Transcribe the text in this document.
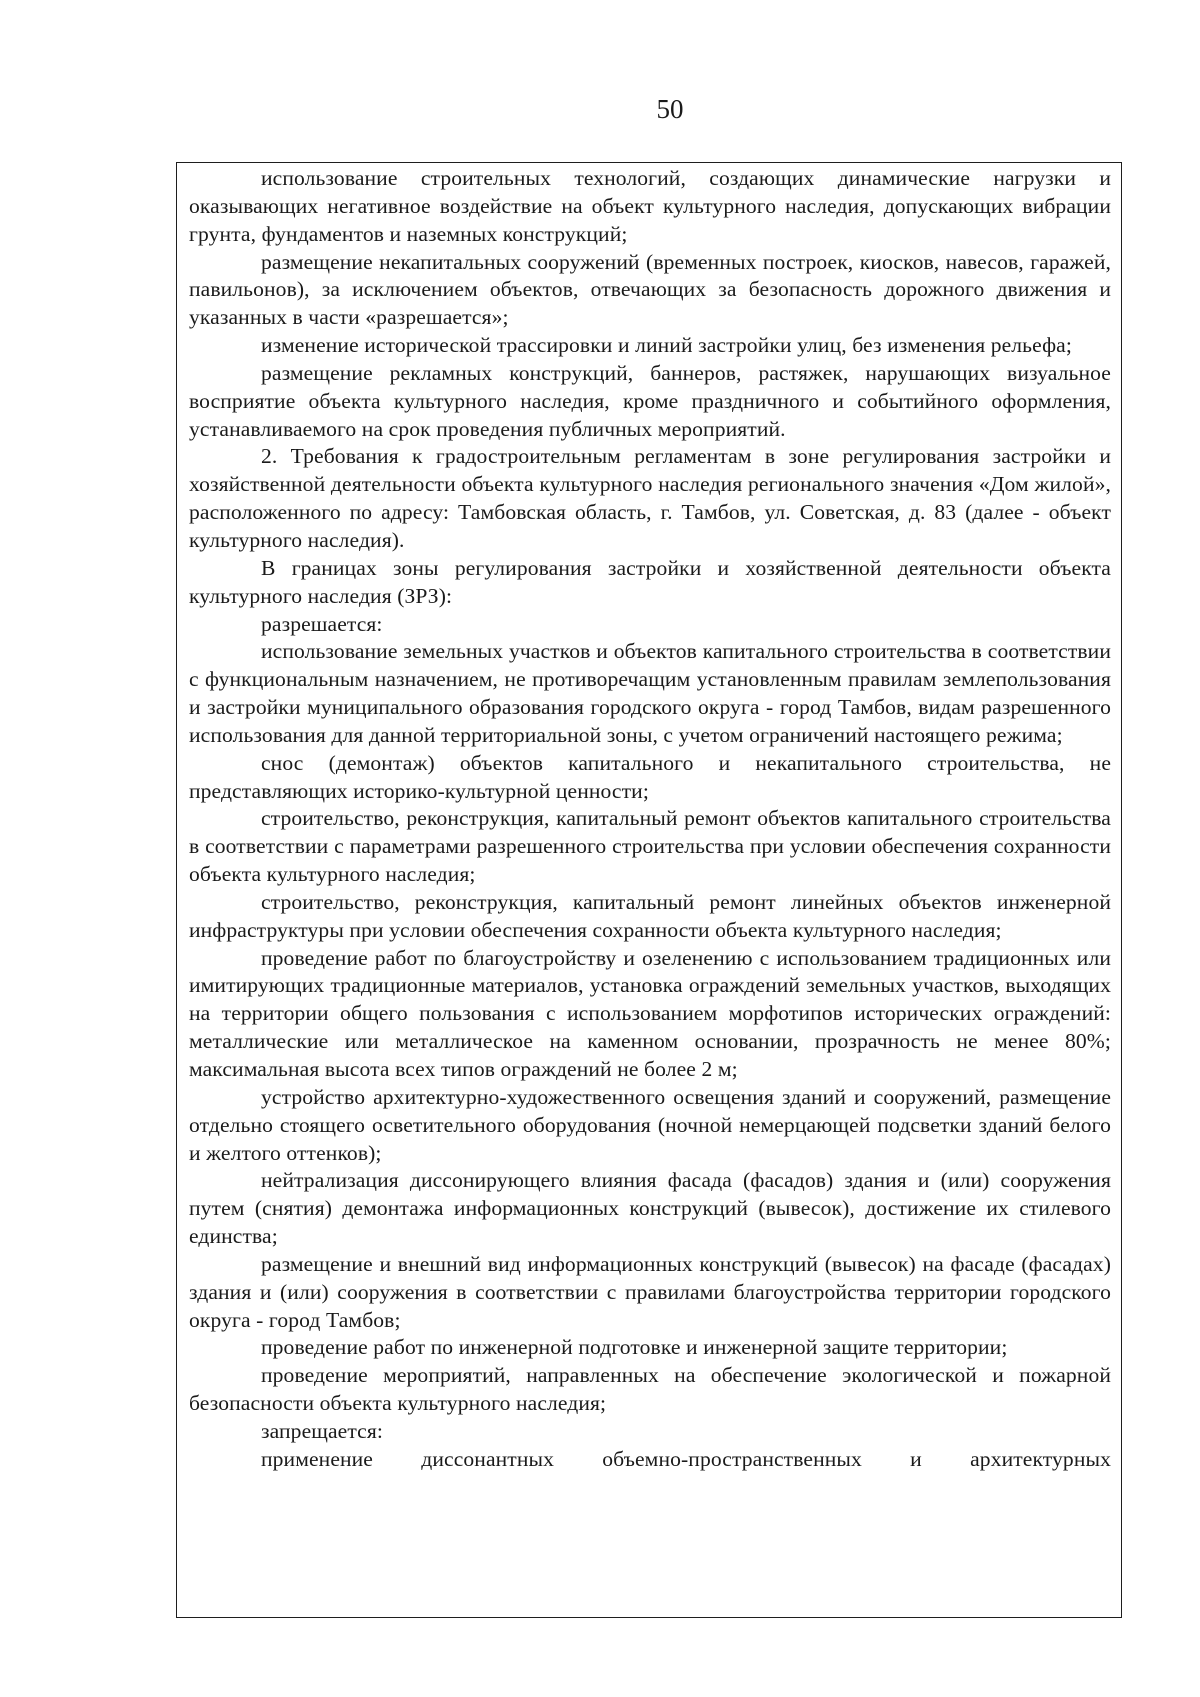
50

использование строительных технологий, создающих динамические нагрузки и оказывающих негативное воздействие на объект культурного наследия, допускающих вибрации грунта, фундаментов и наземных конструкций;

размещение некапитальных сооружений (временных построек, киосков, навесов, гаражей, павильонов), за исключением объектов, отвечающих за безопасность дорожного движения и указанных в части «разрешается»;

изменение исторической трассировки и линий застройки улиц, без изменения рельефа;

размещение рекламных конструкций, баннеров, растяжек, нарушающих визуальное восприятие объекта культурного наследия, кроме праздничного и событийного оформления, устанавливаемого на срок проведения публичных мероприятий.

2. Требования к градостроительным регламентам в зоне регулирования застройки и хозяйственной деятельности объекта культурного наследия регионального значения «Дом жилой», расположенного по адресу: Тамбовская область, г. Тамбов, ул. Советская, д. 83 (далее - объект культурного наследия).

В границах зоны регулирования застройки и хозяйственной деятельности объекта культурного наследия (ЗРЗ):

разрешается:

использование земельных участков и объектов капитального строительства в соответствии с функциональным назначением, не противоречащим установленным правилам землепользования и застройки муниципального образования городского округа - город Тамбов, видам разрешенного использования для данной территориальной зоны, с учетом ограничений настоящего режима;

снос (демонтаж) объектов капитального и некапитального строительства, не представляющих историко-культурной ценности;

строительство, реконструкция, капитальный ремонт объектов капитального строительства в соответствии с параметрами разрешенного строительства при условии обеспечения сохранности объекта культурного наследия;

строительство, реконструкция, капитальный ремонт линейных объектов инженерной инфраструктуры при условии обеспечения сохранности объекта культурного наследия;

проведение работ по благоустройству и озеленению с использованием традиционных или имитирующих традиционные материалов, установка ограждений земельных участков, выходящих на территории общего пользования с использованием морфотипов исторических ограждений: металлические или металлическое на каменном основании, прозрачность не менее 80%; максимальная высота всех типов ограждений не более 2 м;

устройство архитектурно-художественного освещения зданий и сооружений, размещение отдельно стоящего осветительного оборудования (ночной немерцающей подсветки зданий белого и желтого оттенков);

нейтрализация диссонирующего влияния фасада (фасадов) здания и (или) сооружения путем (снятия) демонтажа информационных конструкций (вывесок), достижение их стилевого единства;

размещение и внешний вид информационных конструкций (вывесок) на фасаде (фасадах) здания и (или) сооружения в соответствии с правилами благоустройства территории городского округа - город Тамбов;

проведение работ по инженерной подготовке и инженерной защите территории;

проведение мероприятий, направленных на обеспечение экологической и пожарной безопасности объекта культурного наследия;

запрещается:

применение диссонантных объемно-пространственных и архитектурных
